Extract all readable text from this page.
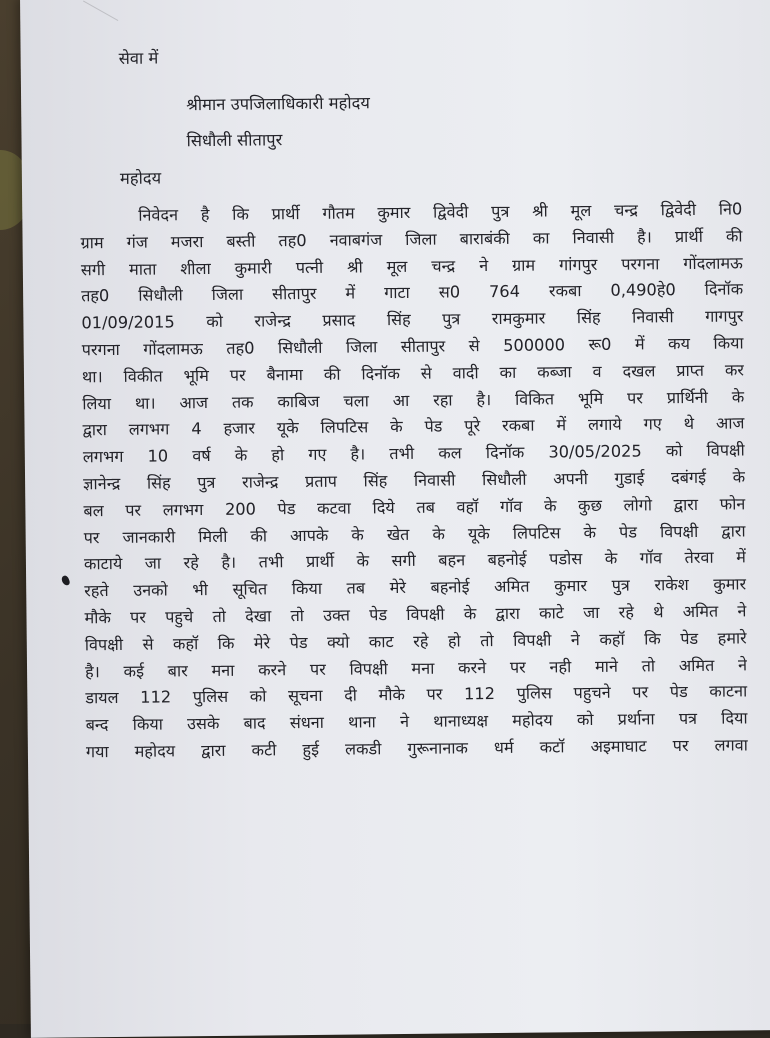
सेवा में
श्रीमान उपजिलाधिकारी महोदय
सिधौली सीतापुर
महोदय
निवेदन है कि प्रार्थी गौतम कुमार द्विवेदी पुत्र श्री मूल चन्द्र द्विवेदी नि0
ग्राम गंज मजरा बस्ती तह0 नवाबगंज जिला बाराबंकी का निवासी है। प्रार्थी की
सगी माता शीला कुमारी पत्नी श्री मूल चन्द्र ने ग्राम गांगपुर परगना गोंदलामऊ
तह0 सिधौली जिला सीतापुर में गाटा स0 764 रकबा 0,490हे0 दिनॉक
01/09/2015 को राजेन्द्र प्रसाद सिंह पुत्र रामकुमार सिंह निवासी गागपुर
परगना गोंदलामऊ तह0 सिधौली जिला सीतापुर से 500000 रू0 में कय किया
था। विकीत भूमि पर बैनामा की दिनॉक से वादी का कब्जा व दखल प्राप्त कर
लिया था। आज तक काबिज चला आ रहा है। विकित भूमि पर प्रार्थिनी के
द्वारा लगभग 4 हजार यूके लिपटिस के पेड पूरे रकबा में लगाये गए थे आज
लगभग 10 वर्ष के हो गए है। तभी कल दिनॉक 30/05/2025 को विपक्षी
ज्ञानेन्द्र सिंह पुत्र राजेन्द्र प्रताप सिंह निवासी सिधौली अपनी गुडाई दबंगई के
बल पर लगभग 200 पेड कटवा दिये तब वहॉ गॉव के कुछ लोगो द्वारा फोन
पर जानकारी मिली की आपके के खेत के यूके लिपटिस के पेड विपक्षी द्वारा
काटाये जा रहे है। तभी प्रार्थी के सगी बहन बहनोई पडोस के गॉव तेरवा में
रहते उनको भी सूचित किया तब मेरे बहनोई अमित कुमार पुत्र राकेश कुमार
मौके पर पहुचे तो देखा तो उक्त पेड विपक्षी के द्वारा काटे जा रहे थे अमित ने
विपक्षी से कहॉ कि मेरे पेड क्यो काट रहे हो तो विपक्षी ने कहॉ कि पेड हमारे
है। कई बार मना करने पर विपक्षी मना करने पर नही माने तो अमित ने
डायल 112 पुलिस को सूचना दी मौके पर 112 पुलिस पहुचने पर पेड काटना
बन्द किया उसके बाद संधना थाना ने थानाध्यक्ष महोदय को प्रर्थाना पत्र दिया
गया महोदय द्वारा कटी हुई लकडी गुरूनानाक धर्म कटॉ अइमाघाट पर लगवा
